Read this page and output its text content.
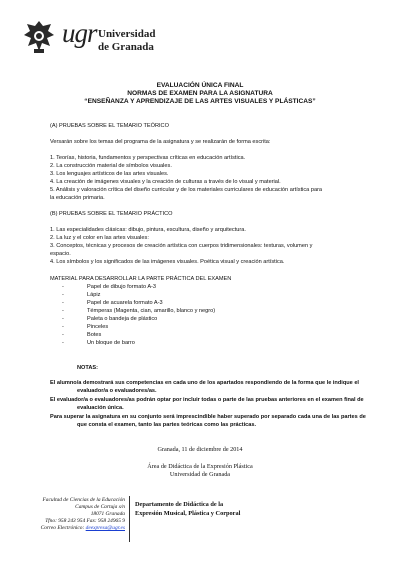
ugr Universidad
de Granada
EVALUACIÓN ÚNICA FINAL
NORMAS DE EXAMEN PARA LA ASIGNATURA
“ENSEÑANZA Y APRENDIZAJE DE LAS ARTES VISUALES Y PLÁSTICAS”
(A) PRUEBAS SOBRE EL TEMARIO TEÓRICO
Versarán sobre los temas del programa de la asignatura y se realizarán de forma escrita:
1. Teorías, historia, fundamentos y perspectivas críticas en educación artística.
2. La construcción material de símbolos visuales.
3. Los lenguajes artísticos de las artes visuales.
4. La creación de imágenes visuales y la creación de culturas a través de lo visual y material.
5. Análisis y valoración crítica del diseño curricular y de los materiales curriculares de educación artística para
la educación primaria.
(B) PRUEBAS SOBRE EL TEMARIO PRÁCTICO
1. Las especialidades clásicas: dibujo, pintura, escultura, diseño y arquitectura.
2. La luz y el color en las artes visuales:
3. Conceptos, técnicas y procesos de creación artística con cuerpos tridimensionales: texturas, volumen y
espacio.
4. Los símbolos y los significados de las imágenes visuales. Poética visual y creación artística.
MATERIAL PARA DESARROLLAR LA PARTE PRÁCTICA DEL EXAMEN
-	Papel de dibujo formato A-3
-	Lápiz
-	Papel de acuarela formato A-3
-	Témperas (Magenta, cian, amarillo, blanco y negro)
-	Paleta o bandeja de plástico
-	Pinceles
-	Botes
-	Un bloque de barro
NOTAS:
El alumno/a demostrará sus competencias en cada uno de los apartados respondiendo de la forma que le indique el
evaluador/a o evaluadores/as.
El evaluador/a o evaluadores/as podrán optar por incluir todas o parte de las pruebas anteriores en el examen final de
evaluación única.
Para superar la asignatura en su conjunto será imprescindible haber superado por separado cada una de las partes de
que consta el examen, tanto las partes teóricas como las prácticas.
Granada, 11 de diciembre de 2014
Área de Didáctica de la Expresión Plástica
Universidad de Granada
Facultad de Ciencias de la Educación
Campus de Cartuja s/n
18071 Granada
Tfno: 958 243 954 Fax: 958 24965 9
Correo Electrónico: deexpresa@ugr.es
Departamento de Didáctica de la
Expresión Musical, Plástica y Corporal
